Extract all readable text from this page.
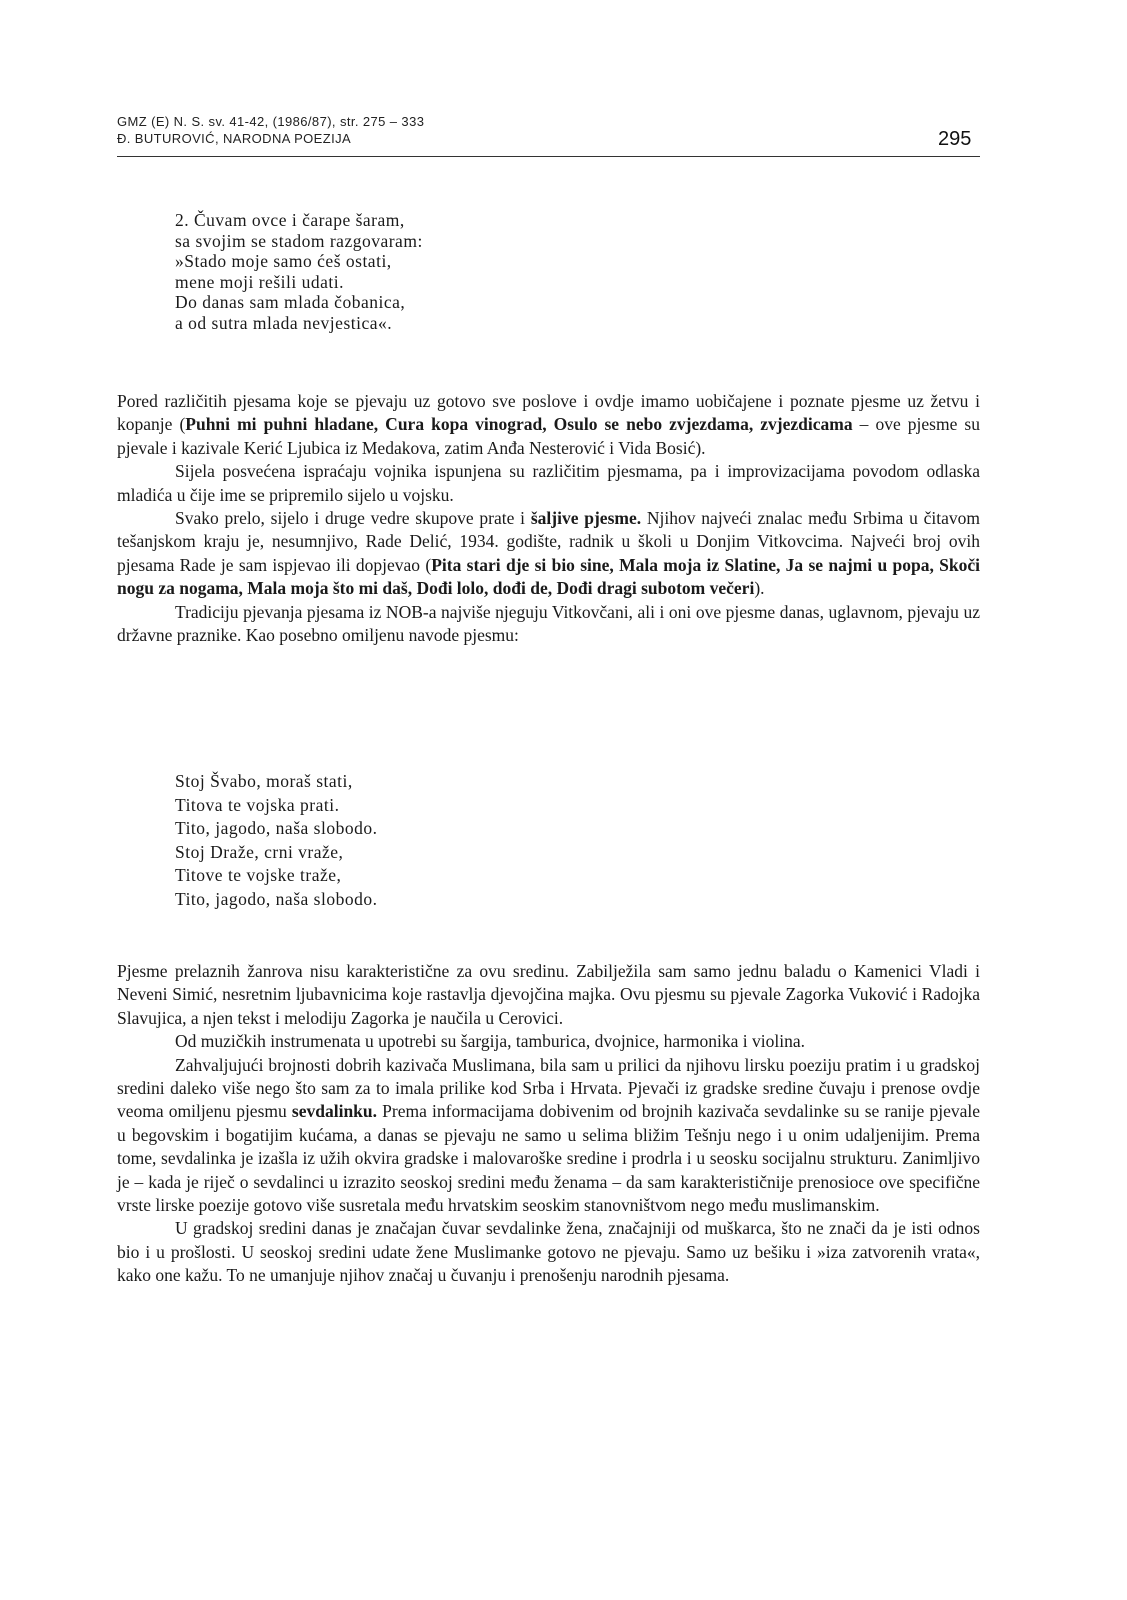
GMZ (E) N. S. sv. 41-42, (1986/87), str. 275 – 333
Đ. BUTUROVIĆ, NARODNA POEZIJA	295
2. Čuvam ovce i čarape šaram,
sa svojim se stadom razgovaram:
»Stado moje samo ćeš ostati,
mene moji rešili udati.
Do danas sam mlada čobanica,
a od sutra mlada nevjestica«.

Pored različitih pjesama koje se pjevaju uz gotovo sve poslove i ovdje imamo uobičajene i poznate pjesme uz žetvu i kopanje (Puhni mi puhni hladane, Cura kopa vinograd, Osulo se nebo zvjezdama, zvjezdicama – ove pjesme su pjevale i kazivale Kerić Ljubica iz Medakova, zatim Anđa Nesterović i Vida Bosić).

Sijela posvećena ispraćaju vojnika ispunjena su različitim pjesmama, pa i improvizacijama povodom odlaska mladića u čije ime se pripremilo sijelo u vojsku.

Svako prelo, sijelo i druge vedre skupove prate i šaljive pjesme. Njihov najveći znalac među Srbima u čitavom tešanjskom kraju je, nesumnjivo, Rade Delić, 1934. godište, radnik u školi u Donjim Vitkovcima. Najveći broj ovih pjesama Rade je sam ispjevao ili dopjevao (Pita stari dje si bio sine, Mala moja iz Slatine, Ja se najmi u popa, Skoči nogu za nogama, Mala moja što mi daš, Dođi lolo, dođi de, Dođi dragi subotom večeri).

Tradiciju pjevanja pjesama iz NOB-a najviše njeguju Vitkovčani, ali i oni ove pjesme danas, uglavnom, pjevaju uz državne praznike. Kao posebno omiljenu navode pjesmu:

Stoj Švabo, moraš stati,
Titova te vojska prati.
Tito, jagodo, naša slobodo.
Stoj Draže, crni vraže,
Titove te vojske traže,
Tito, jagodo, naša slobodo.

Pjesme prelaznih žanrova nisu karakteristične za ovu sredinu. Zabilježila sam samo jednu baladu o Kamenici Vladi i Neveni Simić, nesretnim ljubavnicima koje rastavlja djevojčina majka. Ovu pjesmu su pjevale Zagorka Vuković i Radojka Slavujica, a njen tekst i melodiju Zagorka je naučila u Cerovici.

Od muzičkih instrumenata u upotrebi su šargija, tamburica, dvojnice, harmonika i violina.

Zahvaljujući brojnosti dobrih kazivača Muslimana, bila sam u prilici da njihovu lirsku poeziju pratim i u gradskoj sredini daleko više nego što sam za to imala prilike kod Srba i Hrvata. Pjevači iz gradske sredine čuvaju i prenose ovdje veoma omiljenu pjesmu sevdalinku. Prema informacijama dobivenim od brojnih kazivača sevdalinke su se ranije pjevale u begovskim i bogatijim kućama, a danas se pjevaju ne samo u selima bližim Tešnju nego i u onim udaljenijim. Prema tome, sevdalinka je izašla iz užih okvira gradske i malovaroške sredine i prodrla i u seosku socijalnu strukturu. Zanimljivo je – kada je riječ o sevdalinci u izrazito seoskoj sredini među ženama – da sam karakterističnije prenosioce ove specifične vrste lirske poezije gotovo više susretala među hrvatskim seoskim stanovništvom nego među muslimanskim.

U gradskoj sredini danas je značajan čuvar sevdalinke žena, značajniji od muškarca, što ne znači da je isti odnos bio i u prošlosti. U seoskoj sredini udate žene Muslimanke gotovo ne pjevaju. Samo uz bešiku i »iza zatvorenih vrata«, kako one kažu. To ne umanjuje njihov značaj u čuvanju i prenošenju narodnih pjesama.
